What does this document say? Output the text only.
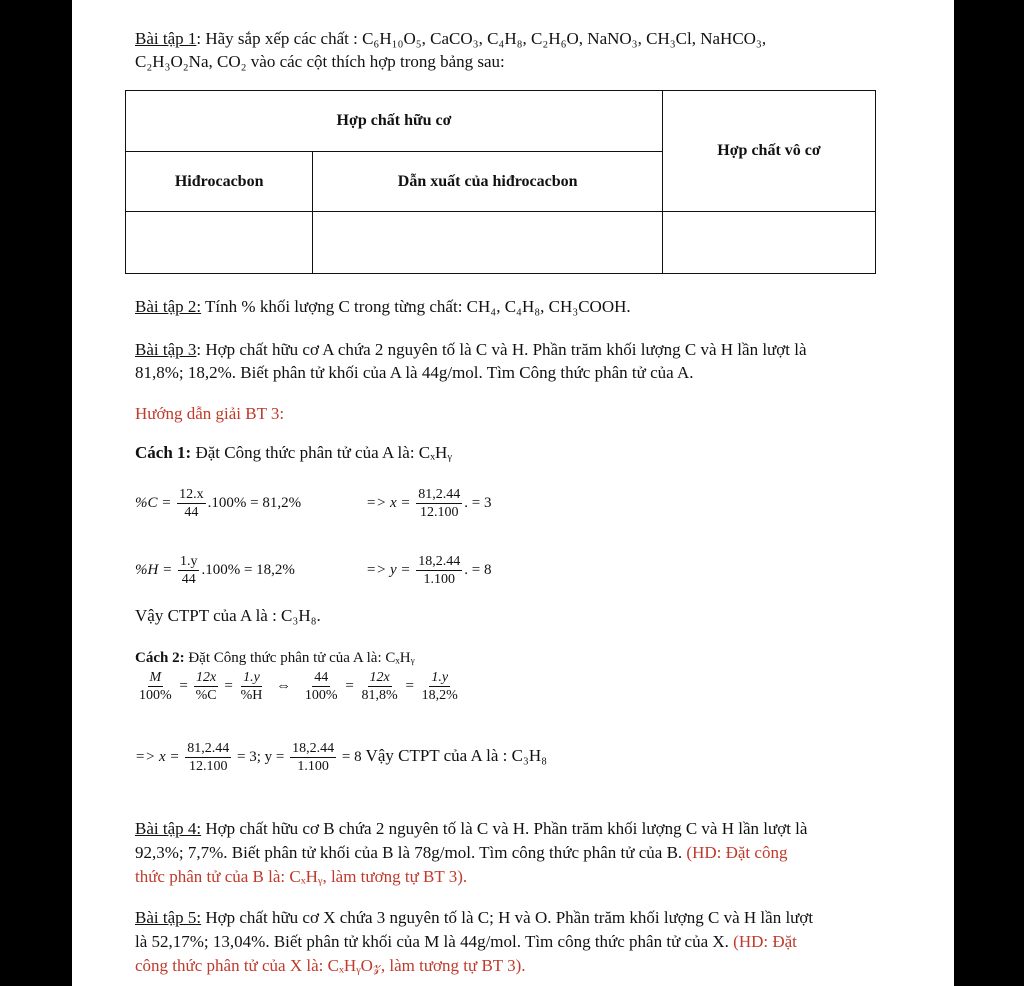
Bài tập 1: Hãy sắp xếp các chất : C₆H₁₀O₅, CaCO₃, C₄H₈, C₂H₆O, NaNO₃, CH₃Cl, NaHCO₃,
C₂H₃O₂Na, CO₂ vào các cột thích hợp trong bảng sau:
Hợp chất hữu cơ		Hợp chất vô cơ
Hiđrocacbon	Dẫn xuất của hiđrocacbon	

Bài tập 2: Tính % khối lượng C trong từng chất: CH₄, C₄H₈, CH₃COOH.
Bài tập 3: Hợp chất hữu cơ A chứa 2 nguyên tố là C và H. Phần trăm khối lượng C và H lần lượt là
81,8%; 18,2%. Biết phân tử khối của A là 44g/mol. Tìm Công thức phân tử của A.
Hướng dẫn giải BT 3:
Cách 1: Đặt Công thức phân tử của A là: CₓHᵧ
$\%C = \frac{12.x}{44} .100\% = 81,2\%$	=> $x = \frac{81,2.44}{12.100}$ . = 3
$\%H = \frac{1.y}{44} .100\% = 18,2\%$	=> $y = \frac{18,2.44}{1.100}$ . = 8
Vậy CTPT của A là : C₃H₈.
Cách 2: Đặt Công thức phân tử của A là: CₓHᵧ
$\frac{M}{100\%} = \frac{12x}{\%C} = \frac{1.y}{\%H}$ ⇔ $\frac{44}{100\%} = \frac{12x}{81,8\%} = \frac{1.y}{18,2\%}$
=> $x = \frac{81,2.44}{12.100} = 3$; $y = \frac{18,2.44}{1.100} = 8$ Vậy CTPT của A là : C₃H₈
Bài tập 4: Hợp chất hữu cơ B chứa 2 nguyên tố là C và H. Phần trăm khối lượng C và H lần lượt là
92,3%; 7,7%. Biết phân tử khối của B là 78g/mol. Tìm công thức phân tử của B. (HD: Đặt công
thức phân tử của B là: CₓHᵧ, làm tương tự BT 3).
Bài tập 5: Hợp chất hữu cơ X chứa 3 nguyên tố là C; H và O. Phần trăm khối lượng C và H lần lượt
là 52,17%; 13,04%. Biết phân tử khối của M là 44g/mol. Tìm công thức phân tử của X. (HD: Đặt
công thức phân tử của X là: CₓHᵧO𝓏, làm tương tự BT 3).
